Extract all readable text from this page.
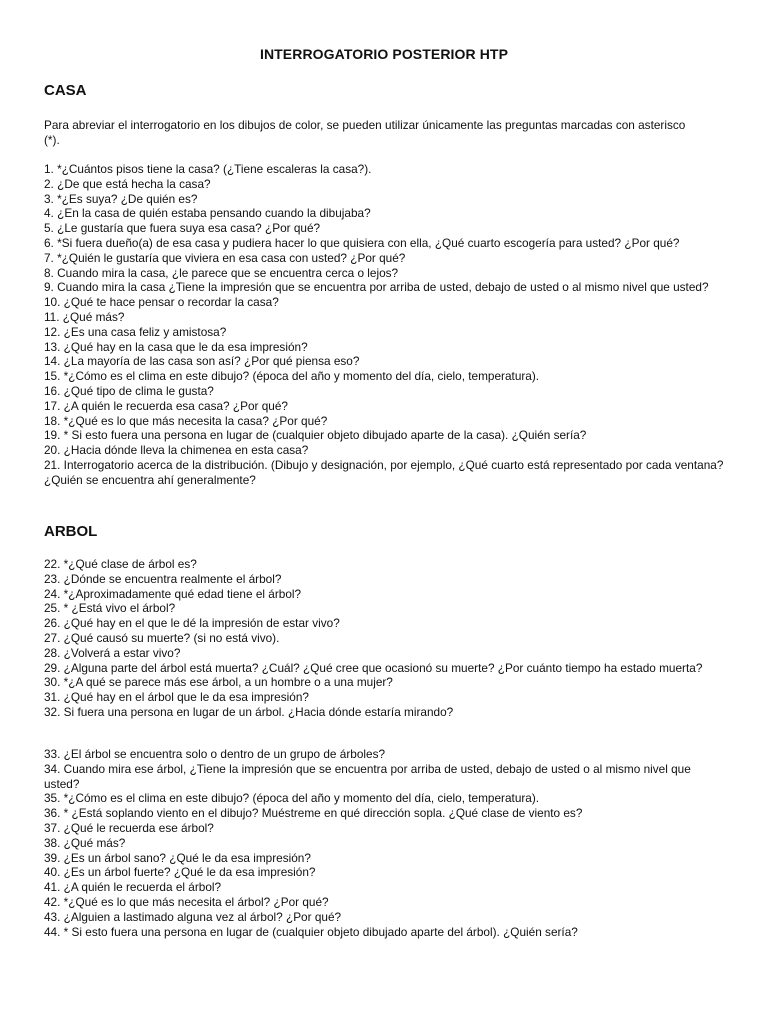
INTERROGATORIO POSTERIOR HTP
CASA
Para abreviar el interrogatorio en los dibujos de color, se pueden utilizar únicamente las preguntas marcadas con asterisco (*).
1. *¿Cuántos pisos tiene la casa? (¿Tiene escaleras la casa?).
2. ¿De que está hecha la casa?
3. *¿Es suya? ¿De quién es?
4. ¿En la casa de quién estaba pensando cuando la dibujaba?
5. ¿Le gustaría que fuera suya esa casa? ¿Por qué?
6. *Si fuera dueño(a) de esa casa y pudiera hacer lo que quisiera con ella, ¿Qué cuarto escogería para usted? ¿Por qué?
7. *¿Quién le gustaría que viviera en esa casa con usted? ¿Por qué?
8. Cuando mira la casa, ¿le parece que se encuentra cerca o lejos?
9. Cuando mira la casa ¿Tiene la impresión que se encuentra por arriba de usted, debajo de usted o al mismo nivel que usted?
10. ¿Qué te hace pensar o recordar la casa?
11. ¿Qué más?
12. ¿Es una casa feliz y amistosa?
13. ¿Qué hay en la casa que le da esa impresión?
14. ¿La mayoría de las casa son así? ¿Por qué piensa eso?
15. *¿Cómo es el clima en este dibujo? (época del año y momento del día, cielo, temperatura).
16. ¿Qué tipo de clima le gusta?
17. ¿A quién le recuerda esa casa? ¿Por qué?
18. *¿Qué es lo que más necesita la casa? ¿Por qué?
19. * Si esto fuera una persona en lugar de (cualquier objeto dibujado aparte de la casa). ¿Quién sería?
20. ¿Hacia dónde lleva la chimenea en esta casa?
21. Interrogatorio acerca de la distribución. (Dibujo y designación, por ejemplo, ¿Qué cuarto está representado por cada ventana? ¿Quién se encuentra ahí generalmente?
ARBOL
22. *¿Qué clase de árbol es?
23. ¿Dónde se encuentra realmente el árbol?
24. *¿Aproximadamente qué edad tiene el árbol?
25. * ¿Está vivo el árbol?
26. ¿Qué hay en el que le dé la impresión de estar vivo?
27. ¿Qué causó su muerte? (si no está vivo).
28. ¿Volverá a estar vivo?
29. ¿Alguna parte del árbol está muerta? ¿Cuál? ¿Qué cree que ocasionó su muerte? ¿Por cuánto tiempo ha estado muerta?
30. *¿A qué se parece más ese árbol, a un hombre o a una mujer?
31. ¿Qué hay en el árbol que le da esa impresión?
32. Si fuera una persona en lugar de un árbol. ¿Hacia dónde estaría mirando?
33. ¿El árbol se encuentra solo o dentro de un grupo de árboles?
34. Cuando mira ese árbol, ¿Tiene la impresión que se encuentra por arriba de usted, debajo de usted o al mismo nivel que
usted?
35. *¿Cómo es el clima en este dibujo? (época del año y momento del día, cielo, temperatura).
36. * ¿Está soplando viento en el dibujo? Muéstreme en qué dirección sopla. ¿Qué clase de viento es?
37. ¿Qué le recuerda ese árbol?
38. ¿Qué más?
39. ¿Es un árbol sano? ¿Qué le da esa impresión?
40. ¿Es un árbol fuerte? ¿Qué le da esa impresión?
41. ¿A quién le recuerda el árbol?
42. *¿Qué es lo que más necesita el árbol? ¿Por qué?
43. ¿Alguien a lastimado alguna vez al árbol? ¿Por qué?
44. * Si esto fuera una persona en lugar de (cualquier objeto dibujado aparte del árbol). ¿Quién sería?
